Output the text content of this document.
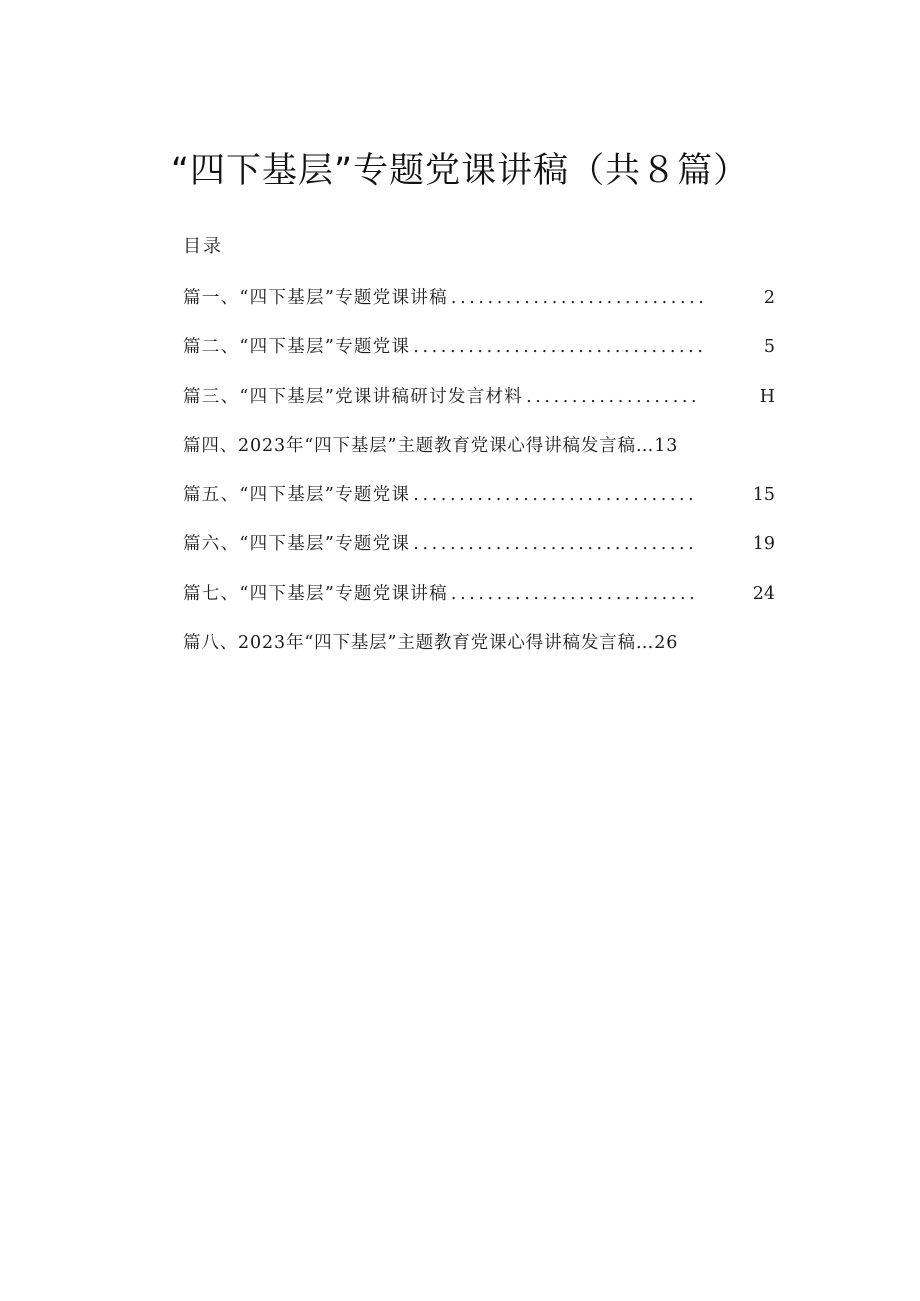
“四下基层”专题党课讲稿（共８篇）
目录
篇一、“四下基层”专题党课讲稿 ............................	2
篇二、“四下基层”专题党课 ................................	5
篇三、“四下基层”党课讲稿研讨发言材料 ...................	H
篇四、2023年“四下基层”主题教育党课心得讲稿发言稿…13
篇五、“四下基层”专题党课 ...............................	15
篇六、“四下基层”专题党课 ...............................	19
篇七、“四下基层”专题党课讲稿 ...........................	24
篇八、2023年“四下基层”主题教育党课心得讲稿发言稿…26
